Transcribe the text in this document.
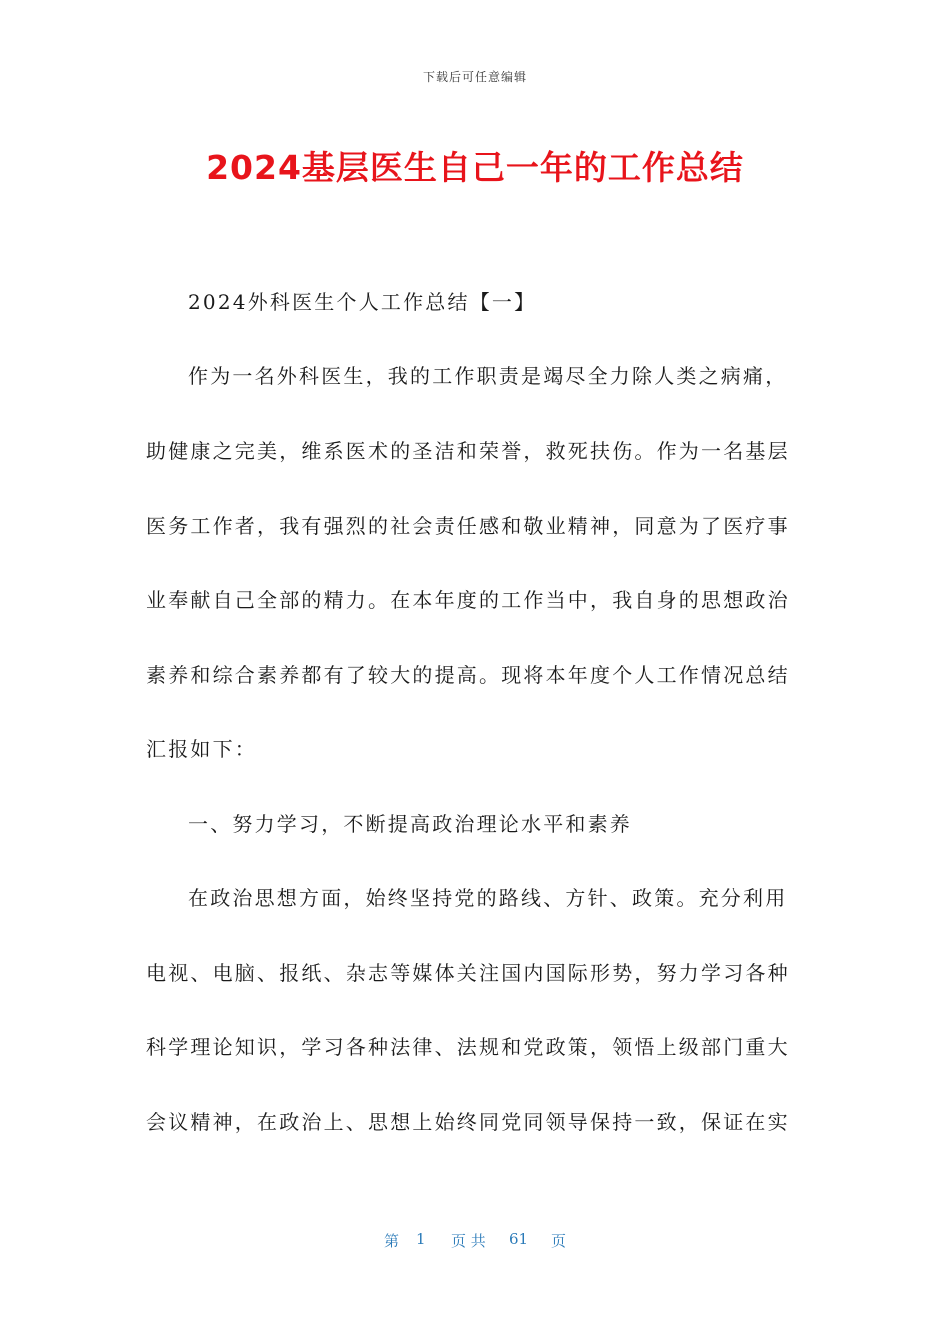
下载后可任意编辑
2024基层医生自己一年的工作总结
2024外科医生个人工作总结【一】
作为一名外科医生，我的工作职责是竭尽全力除人类之病痛，
助健康之完美，维系医术的圣洁和荣誉，救死扶伤。作为一名基层
医务工作者，我有强烈的社会责任感和敬业精神，同意为了医疗事
业奉献自己全部的精力。在本年度的工作当中，我自身的思想政治
素养和综合素养都有了较大的提高。现将本年度个人工作情况总结
汇报如下：
一、努力学习，不断提高政治理论水平和素养
在政治思想方面，始终坚持党的路线、方针、政策。充分利用
电视、电脑、报纸、杂志等媒体关注国内国际形势，努力学习各种
科学理论知识，学习各种法律、法规和党政策，领悟上级部门重大
会议精神，在政治上、思想上始终同党同领导保持一致，保证在实
第 1 页 共 61 页
